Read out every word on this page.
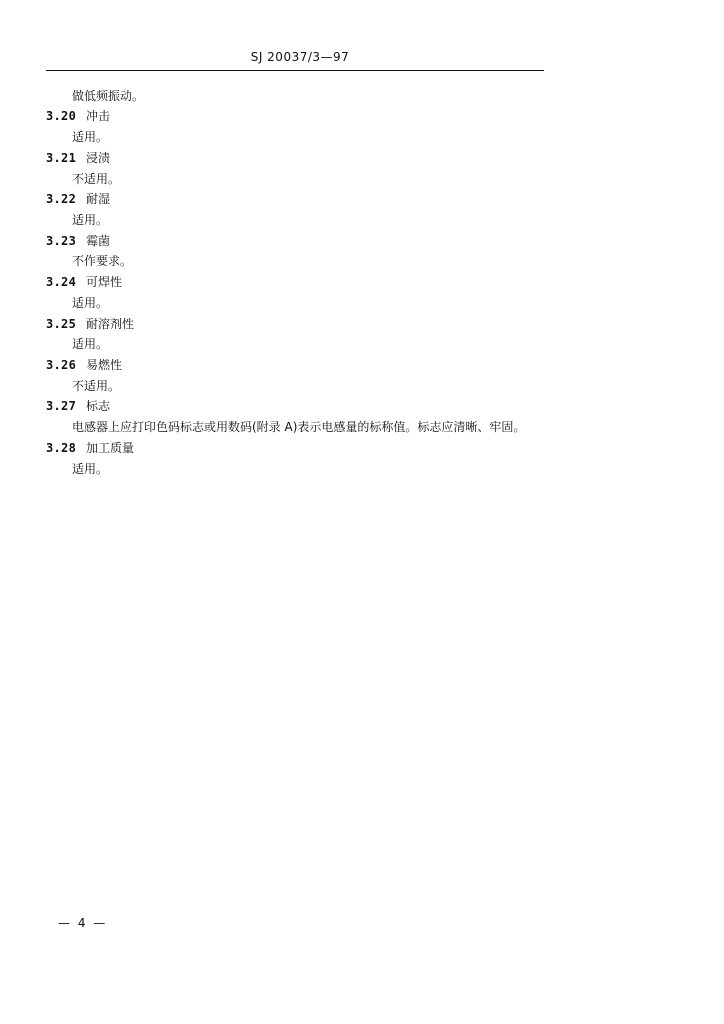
SJ 20037/3—97
做低频振动。
3.20 冲击
适用。
3.21 浸渍
不适用。
3.22 耐湿
适用。
3.23 霉菌
不作要求。
3.24 可焊性
适用。
3.25 耐溶剂性
适用。
3.26 易燃性
不适用。
3.27 标志
电感器上应打印色码标志或用数码(附录 A)表示电感量的标称值。标志应清晰、牢固。
3.28 加工质量
适用。
— 4 —
